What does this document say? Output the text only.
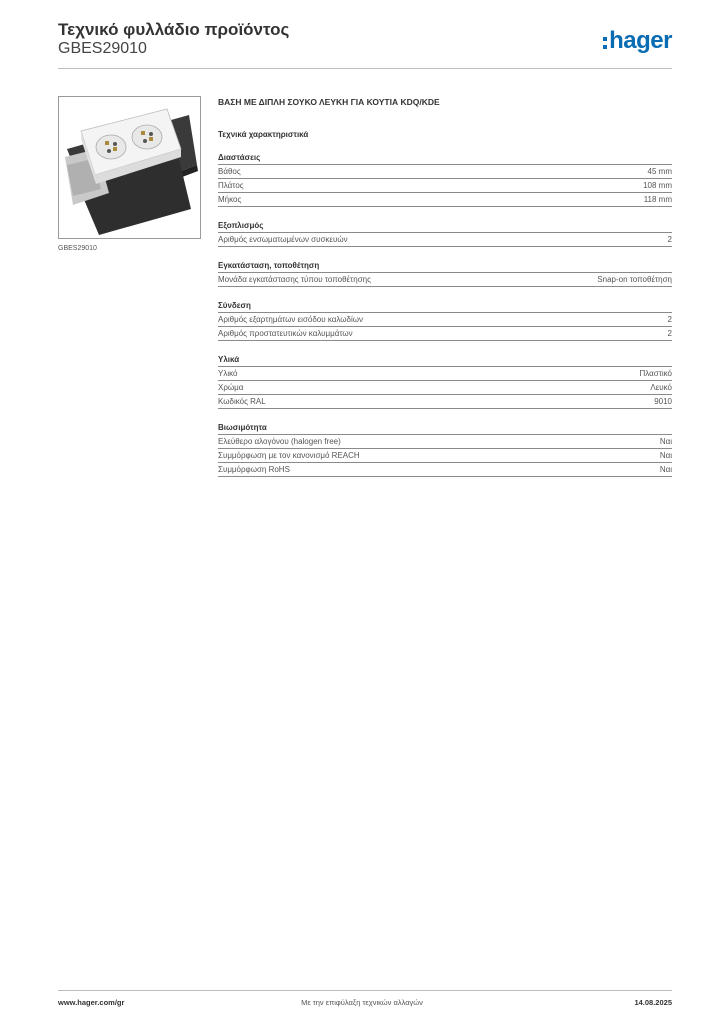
Τεχνικό φυλλάδιο προϊόντος
GBES29010	hager
GBES29010
ΒΑΣΗ ΜΕ ΔΙΠΛΗ ΣΟΥΚΟ ΛΕΥΚΗ ΓΙΑ ΚΟΥΤΙΑ KDQ/KDE
Τεχνικά χαρακτηριστικά
Διαστάσεις
Βάθος	45 mm
Πλάτος	108 mm
Μήκος	118 mm
Εξοπλισμός
Αριθμός ενσωματωμένων συσκευών	2
Εγκατάσταση, τοποθέτηση
Μονάδα εγκατάστασης τύπου τοποθέτησης	Snap-on τοποθέτηση
Σύνδεση
Αριθμός εξαρτημάτων εισόδου καλωδίων	2
Αριθμός προστατευτικών καλυμμάτων	2
Υλικά
Υλικό	Πλαστικό
Χρώμα	Λευκό
Κωδικός RAL	9010
Βιωσιμότητα
Ελεύθερο αλογόνου (halogen free)	Ναι
Συμμόρφωση με τον κανονισμό REACH	Ναι
Συμμόρφωση RoHS	Ναι
www.hager.com/gr	Με την επιφύλαξη τεχνικών αλλαγών	14.08.2025
